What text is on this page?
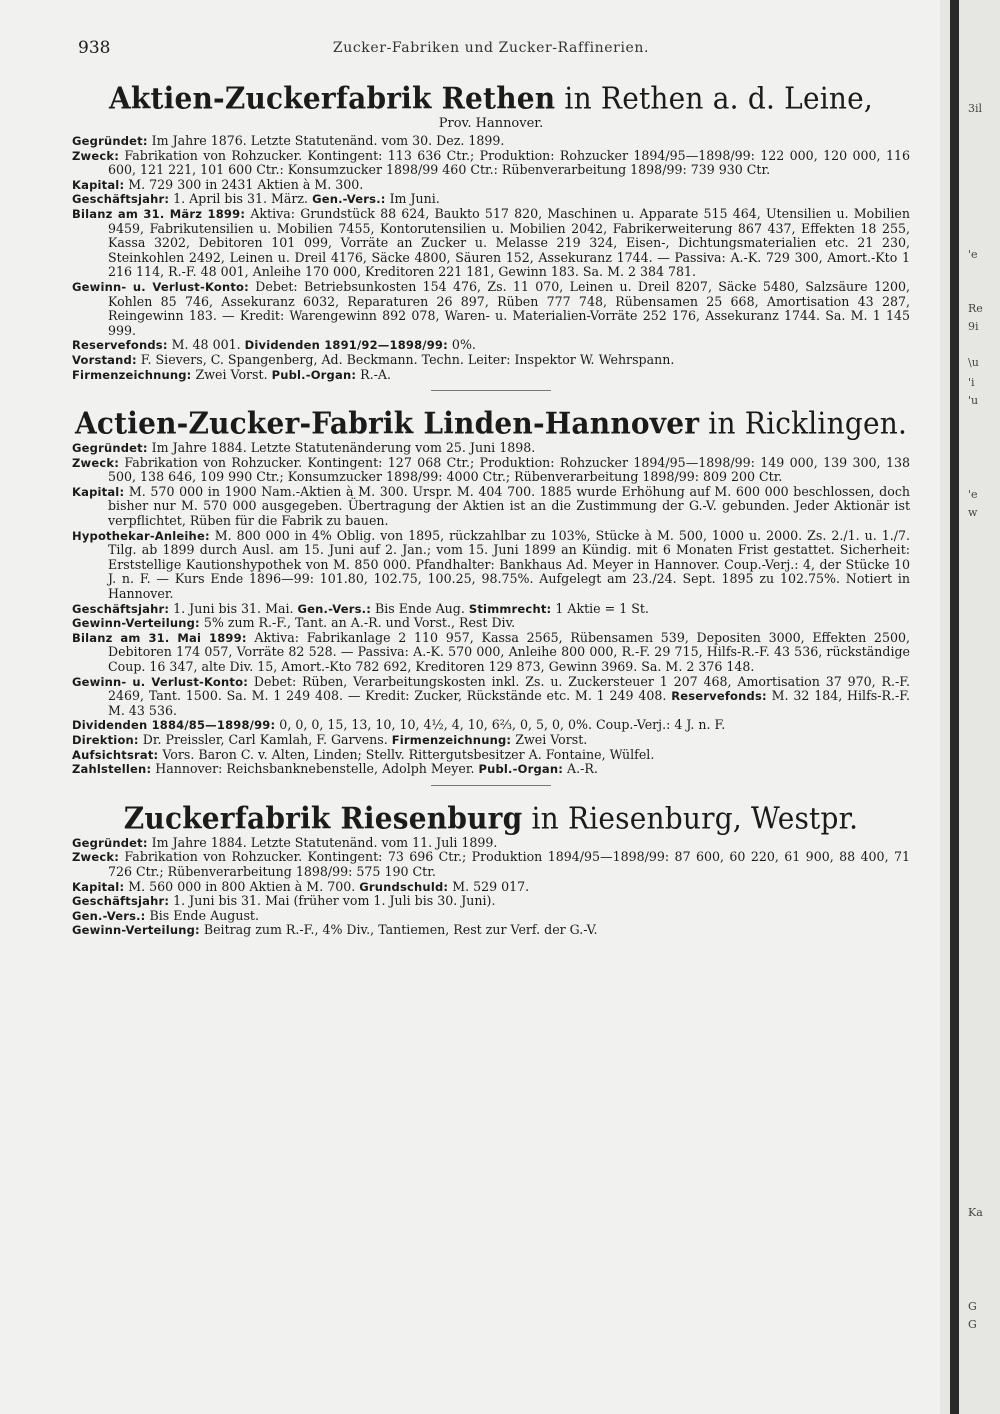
3il
'e
Re
9i
\u
'i
'u
'e
w
Ka
G
G
938	Zucker-Fabriken und Zucker-Raffinerien.
Aktien-Zuckerfabrik Rethen in Rethen a. d. Leine,
Prov. Hannover.

Gegründet: Im Jahre 1876. Letzte Statutenänd. vom 30. Dez. 1899.

Zweck: Fabrikation von Rohzucker. Kontingent: 113 636 Ctr.; Produktion: Rohzucker 1894/95—1898/99: 122 000, 120 000, 116 600, 121 221, 101 600 Ctr.: Konsumzucker 1898/99 460 Ctr.: Rübenverarbeitung 1898/99: 739 930 Ctr.

Kapital: M. 729 300 in 2431 Aktien à M. 300.

Geschäftsjahr: 1. April bis 31. März. Gen.-Vers.: Im Juni.

Bilanz am 31. März 1899: Aktiva: Grundstück 88 624, Baukto 517 820, Maschinen u. Apparate 515 464, Utensilien u. Mobilien 9459, Fabrikutensilien u. Mobilien 7455, Kontorutensilien u. Mobilien 2042, Fabrikerweiterung 867 437, Effekten 18 255, Kassa 3202, Debitoren 101 099, Vorräte an Zucker u. Melasse 219 324, Eisen-, Dichtungsmaterialien etc. 21 230, Steinkohlen 2492, Leinen u. Dreil 4176, Säcke 4800, Säuren 152, Assekuranz 1744. — Passiva: A.-K. 729 300, Amort.-Kto 1 216 114, R.-F. 48 001, Anleihe 170 000, Kreditoren 221 181, Gewinn 183. Sa. M. 2 384 781.

Gewinn- u. Verlust-Konto: Debet: Betriebsunkosten 154 476, Zs. 11 070, Leinen u. Dreil 8207, Säcke 5480, Salzsäure 1200, Kohlen 85 746, Assekuranz 6032, Reparaturen 26 897, Rüben 777 748, Rübensamen 25 668, Amortisation 43 287, Reingewinn 183. — Kredit: Warengewinn 892 078, Waren- u. Materialien-Vorräte 252 176, Assekuranz 1744. Sa. M. 1 145 999.

Reservefonds: M. 48 001. Dividenden 1891/92—1898/99: 0%.

Vorstand: F. Sievers, C. Spangenberg, Ad. Beckmann. Techn. Leiter: Inspektor W. Wehrspann.

Firmenzeichnung: Zwei Vorst. Publ.-Organ: R.-A.

Actien-Zucker-Fabrik Linden-Hannover in Ricklingen.

Gegründet: Im Jahre 1884. Letzte Statutenänderung vom 25. Juni 1898.

Zweck: Fabrikation von Rohzucker. Kontingent: 127 068 Ctr.; Produktion: Rohzucker 1894/95—1898/99: 149 000, 139 300, 138 500, 138 646, 109 990 Ctr.; Konsumzucker 1898/99: 4000 Ctr.; Rübenverarbeitung 1898/99: 809 200 Ctr.

Kapital: M. 570 000 in 1900 Nam.-Aktien à M. 300. Urspr. M. 404 700. 1885 wurde Erhöhung auf M. 600 000 beschlossen, doch bisher nur M. 570 000 ausgegeben. Übertragung der Aktien ist an die Zustimmung der G.-V. gebunden. Jeder Aktionär ist verpflichtet, Rüben für die Fabrik zu bauen.

Hypothekar-Anleihe: M. 800 000 in 4% Oblig. von 1895, rückzahlbar zu 103%, Stücke à M. 500, 1000 u. 2000. Zs. 2./1. u. 1./7. Tilg. ab 1899 durch Ausl. am 15. Juni auf 2. Jan.; vom 15. Juni 1899 an Kündig. mit 6 Monaten Frist gestattet. Sicherheit: Erststellige Kautionshypothek von M. 850 000. Pfandhalter: Bankhaus Ad. Meyer in Hannover. Coup.-Verj.: 4, der Stücke 10 J. n. F. — Kurs Ende 1896—99: 101.80, 102.75, 100.25, 98.75%. Aufgelegt am 23./24. Sept. 1895 zu 102.75%. Notiert in Hannover.

Geschäftsjahr: 1. Juni bis 31. Mai. Gen.-Vers.: Bis Ende Aug. Stimmrecht: 1 Aktie = 1 St.

Gewinn-Verteilung: 5% zum R.-F., Tant. an A.-R. und Vorst., Rest Div.

Bilanz am 31. Mai 1899: Aktiva: Fabrikanlage 2 110 957, Kassa 2565, Rübensamen 539, Depositen 3000, Effekten 2500, Debitoren 174 057, Vorräte 82 528. — Passiva: A.-K. 570 000, Anleihe 800 000, R.-F. 29 715, Hilfs-R.-F. 43 536, rückständige Coup. 16 347, alte Div. 15, Amort.-Kto 782 692, Kreditoren 129 873, Gewinn 3969. Sa. M. 2 376 148.

Gewinn- u. Verlust-Konto: Debet: Rüben, Verarbeitungskosten inkl. Zs. u. Zuckersteuer 1 207 468, Amortisation 37 970, R.-F. 2469, Tant. 1500. Sa. M. 1 249 408. — Kredit: Zucker, Rückstände etc. M. 1 249 408. Reservefonds: M. 32 184, Hilfs-R.-F. M. 43 536.

Dividenden 1884/85—1898/99: 0, 0, 0, 15, 13, 10, 10, 4½, 4, 10, 6⅔, 0, 5, 0, 0%. Coup.-Verj.: 4 J. n. F.

Direktion: Dr. Preissler, Carl Kamlah, F. Garvens. Firmenzeichnung: Zwei Vorst.

Aufsichtsrat: Vors. Baron C. v. Alten, Linden; Stellv. Rittergutsbesitzer A. Fontaine, Wülfel.

Zahlstellen: Hannover: Reichsbanknebenstelle, Adolph Meyer. Publ.-Organ: A.-R.

Zuckerfabrik Riesenburg in Riesenburg, Westpr.

Gegründet: Im Jahre 1884. Letzte Statutenänd. vom 11. Juli 1899.

Zweck: Fabrikation von Rohzucker. Kontingent: 73 696 Ctr.; Produktion 1894/95—1898/99: 87 600, 60 220, 61 900, 88 400, 71 726 Ctr.; Rübenverarbeitung 1898/99: 575 190 Ctr.

Kapital: M. 560 000 in 800 Aktien à M. 700. Grundschuld: M. 529 017.

Geschäftsjahr: 1. Juni bis 31. Mai (früher vom 1. Juli bis 30. Juni).

Gen.-Vers.: Bis Ende August.

Gewinn-Verteilung: Beitrag zum R.-F., 4% Div., Tantiemen, Rest zur Verf. der G.-V.
